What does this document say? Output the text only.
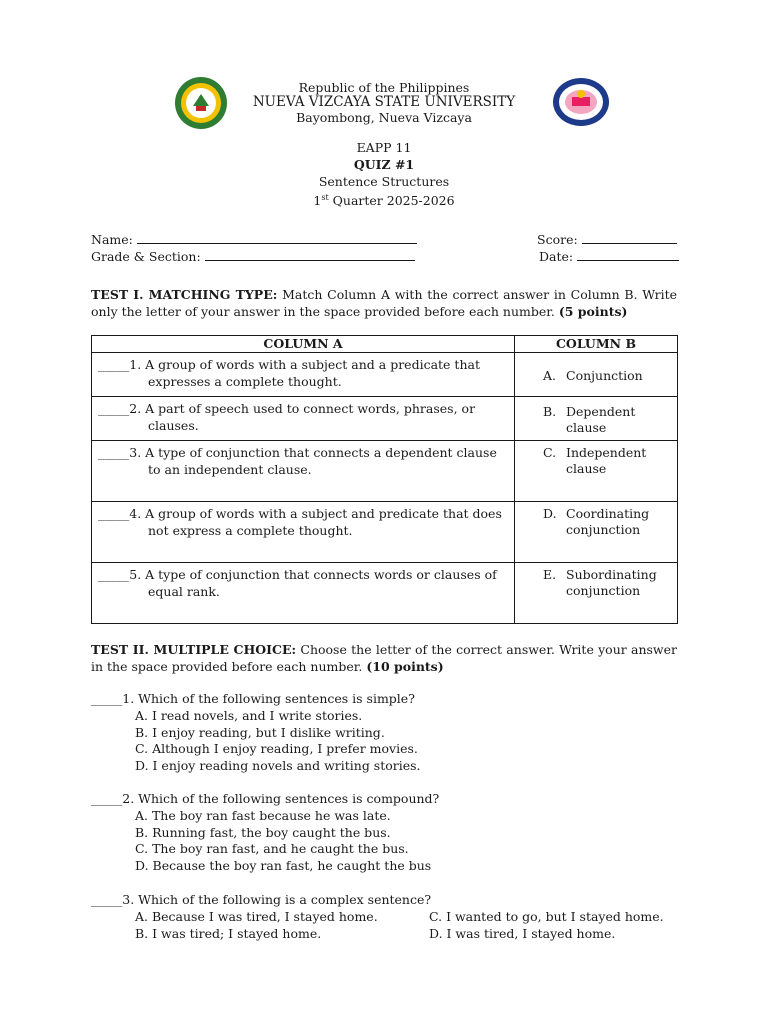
Republic of the Philippines
NUEVA VIZCAYA STATE UNIVERSITY
Bayombong, Nueva Vizcaya
EAPP 11
QUIZ #1
Sentence Structures
1st Quarter 2025-2026
Name:	Score:
Grade & Section:	Date:
TEST I. MATCHING TYPE: Match Column A with the correct answer in Column B. Write only the letter of your answer in the space provided before each number. (5 points)
COLUMN A	COLUMN B
_____1. A group of words with a subject and a predicate that
expresses a complete thought.	A. Conjunction

_____2. A part of speech used to connect words, phrases, or
clauses.	B. Dependent clause

_____3. A type of conjunction that connects a dependent clause
to an independent clause.	C. Independent clause

_____4. A group of words with a subject and predicate that does
not express a complete thought.	D. Coordinating conjunction

_____5. A type of conjunction that connects words or clauses of
equal rank.	E. Subordinating conjunction
TEST II. MULTIPLE CHOICE: Choose the letter of the correct answer. Write your answer in the space provided before each number. (10 points)
_____1. Which of the following sentences is simple?
A. I read novels, and I write stories.
B. I enjoy reading, but I dislike writing.
C. Although I enjoy reading, I prefer movies.
D. I enjoy reading novels and writing stories.
_____2. Which of the following sentences is compound?
A. The boy ran fast because he was late.
B. Running fast, the boy caught the bus.
C. The boy ran fast, and he caught the bus.
D. Because the boy ran fast, he caught the bus
_____3. Which of the following is a complex sentence?
A. Because I was tired, I stayed home.	C. I wanted to go, but I stayed home.
B. I was tired; I stayed home.	D. I was tired, I stayed home.
